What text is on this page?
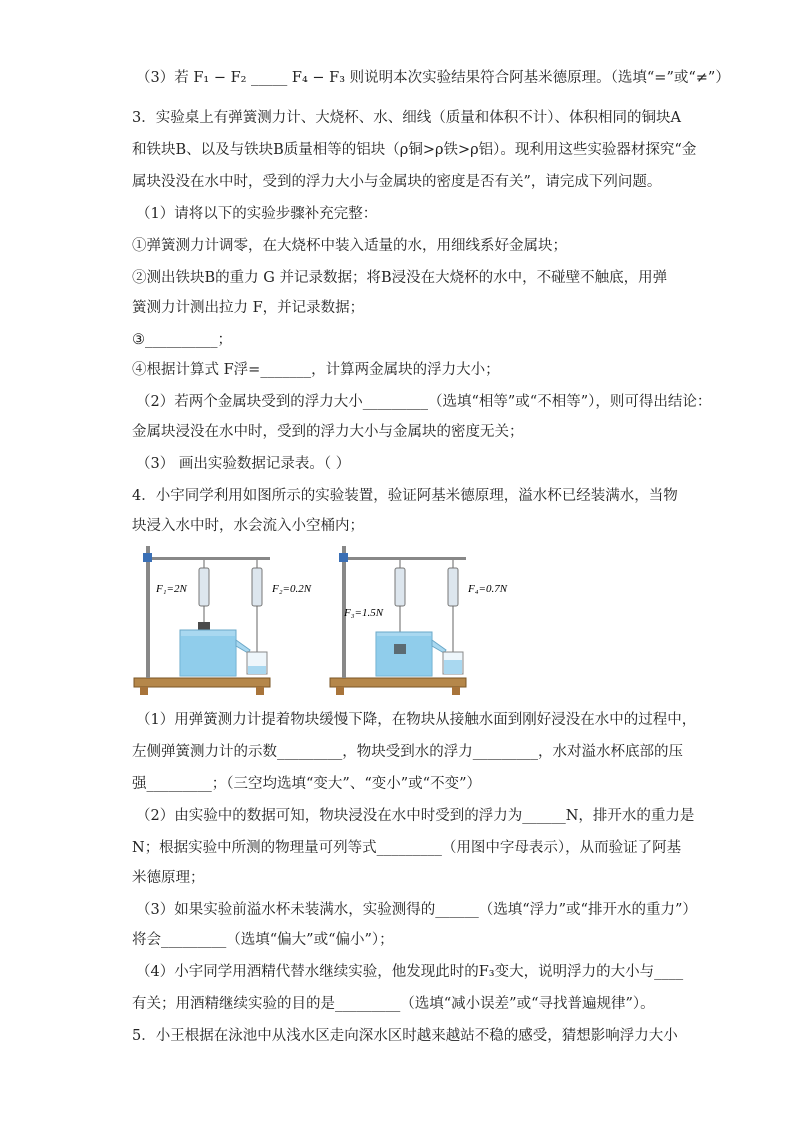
（3）若 F₁ − F₂ _____ F₄ − F₃ 则说明本次实验结果符合阿基米德原理。（选填“=”或“≠”）
3．实验桌上有弹簧测力计、大烧杯、水、细线（质量和体积不计）、体积相同的铜块A
和铁块B、以及与铁块B质量相等的铝块（ρ铜>ρ铁>ρ铝）。现利用这些实验器材探究“金
属块没没在水中时，受到的浮力大小与金属块的密度是否有关”，请完成下列问题。
（1）请将以下的实验步骤补充完整：
①弹簧测力计调零，在大烧杯中装入适量的水，用细线系好金属块；
②测出铁块B的重力 G 并记录数据；将B浸没在大烧杯的水中，不碰壁不触底，用弹
簧测力计测出拉力 F，并记录数据；
③__________；
④根据计算式 F浮=_______，计算两金属块的浮力大小；
（2）若两个金属块受到的浮力大小_________（选填“相等”或“不相等”），则可得出结论：
金属块浸没在水中时，受到的浮力大小与金属块的密度无关；
（3） 画出实验数据记录表。（ ）
4．小宇同学利用如图所示的实验装置，验证阿基米德原理，溢水杯已经装满水，当物
块浸入水中时，水会流入小空桶内；
F₁=2N	F₂=0.2N
F₃=1.5N
F₄=0.7N
（1）用弹簧测力计提着物块缓慢下降，在物块从接触水面到刚好浸没在水中的过程中，
左侧弹簧测力计的示数_________，物块受到水的浮力_________，水对溢水杯底部的压
强_________；（三空均选填“变大”、“变小”或“不变”）
（2）由实验中的数据可知，物块浸没在水中时受到的浮力为______N，排开水的重力是
N；根据实验中所测的物理量可列等式_________（用图中字母表示），从而验证了阿基
米德原理；
（3）如果实验前溢水杯未装满水，实验测得的______（选填“浮力”或“排开水的重力”）
将会_________（选填“偏大”或“偏小”）；
（4）小宇同学用酒精代替水继续实验，他发现此时的F₃变大，说明浮力的大小与____
有关；用酒精继续实验的目的是_________（选填“减小误差”或“寻找普遍规律”）。
5．小王根据在泳池中从浅水区走向深水区时越来越站不稳的感受，猜想影响浮力大小
